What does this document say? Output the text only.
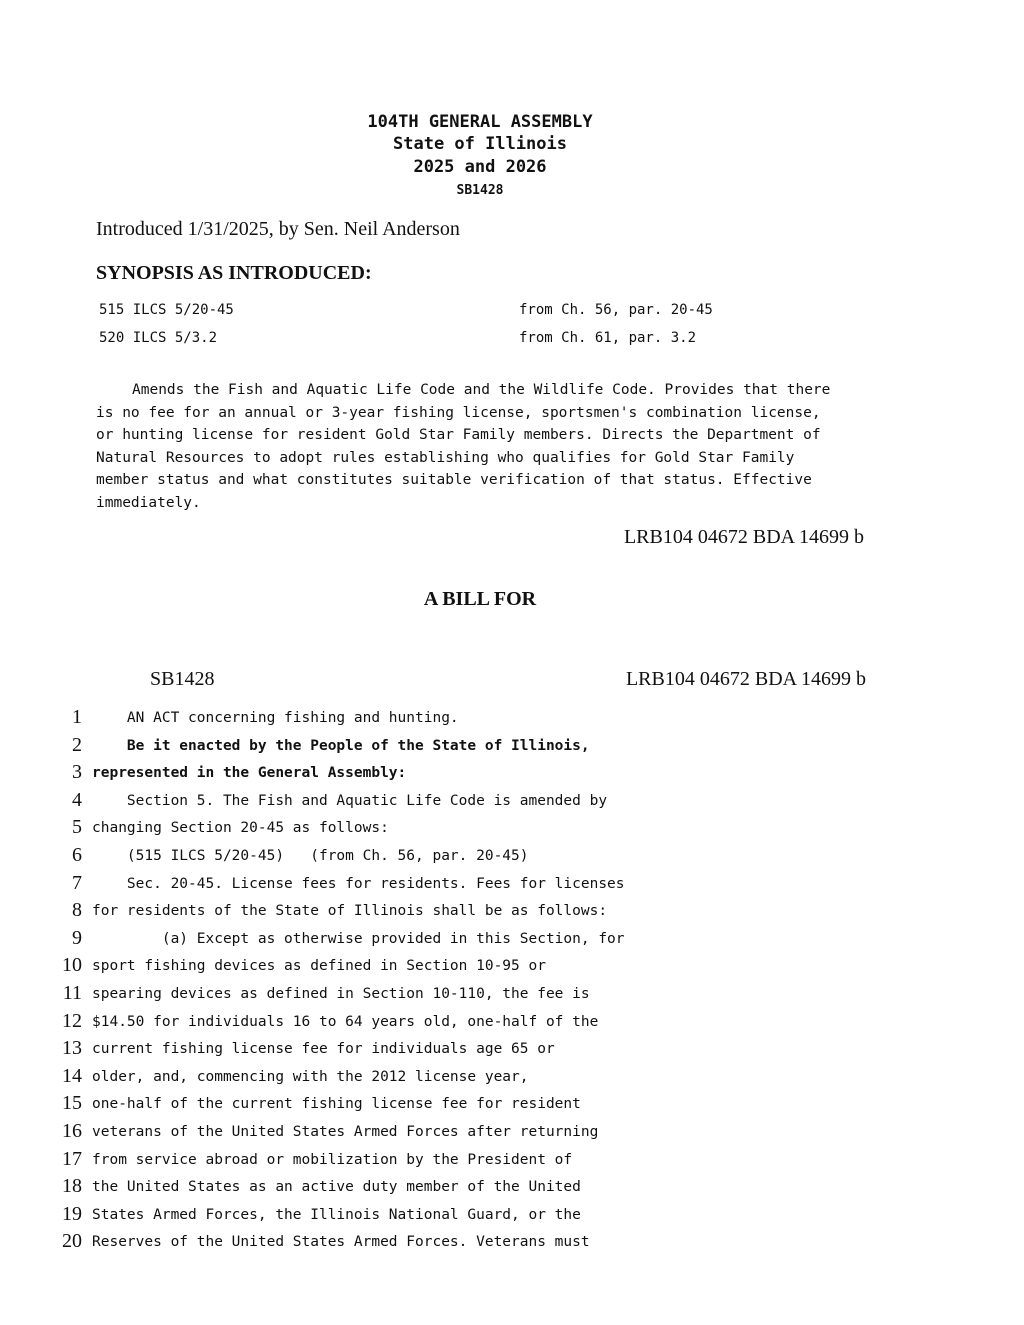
104TH GENERAL ASSEMBLY
State of Illinois
2025 and 2026
SB1428
Introduced 1/31/2025, by Sen. Neil Anderson
SYNOPSIS AS INTRODUCED:
515 ILCS 5/20-45	from Ch. 56, par. 20-45
520 ILCS 5/3.2	from Ch. 61, par. 3.2
Amends the Fish and Aquatic Life Code and the Wildlife Code. Provides that there
is no fee for an annual or 3-year fishing license, sportsmen's combination license,
or hunting license for resident Gold Star Family members. Directs the Department of
Natural Resources to adopt rules establishing who qualifies for Gold Star Family
member status and what constitutes suitable verification of that status. Effective
immediately.
LRB104 04672 BDA 14699 b
A BILL FOR
SB1428	LRB104 04672 BDA 14699 b
1 AN ACT concerning fishing and hunting.
2 Be it enacted by the People of the State of Illinois,
3 represented in the General Assembly:
4 Section 5. The Fish and Aquatic Life Code is amended by
5 changing Section 20-45 as follows:
6 (515 ILCS 5/20-45)   (from Ch. 56, par. 20-45)
7 Sec. 20-45. License fees for residents. Fees for licenses
8 for residents of the State of Illinois shall be as follows:
9 (a) Except as otherwise provided in this Section, for
10 sport fishing devices as defined in Section 10-95 or
11 spearing devices as defined in Section 10-110, the fee is
12 $14.50 for individuals 16 to 64 years old, one-half of the
13 current fishing license fee for individuals age 65 or
14 older, and, commencing with the 2012 license year,
15 one-half of the current fishing license fee for resident
16 veterans of the United States Armed Forces after returning
17 from service abroad or mobilization by the President of
18 the United States as an active duty member of the United
19 States Armed Forces, the Illinois National Guard, or the
20 Reserves of the United States Armed Forces. Veterans must
